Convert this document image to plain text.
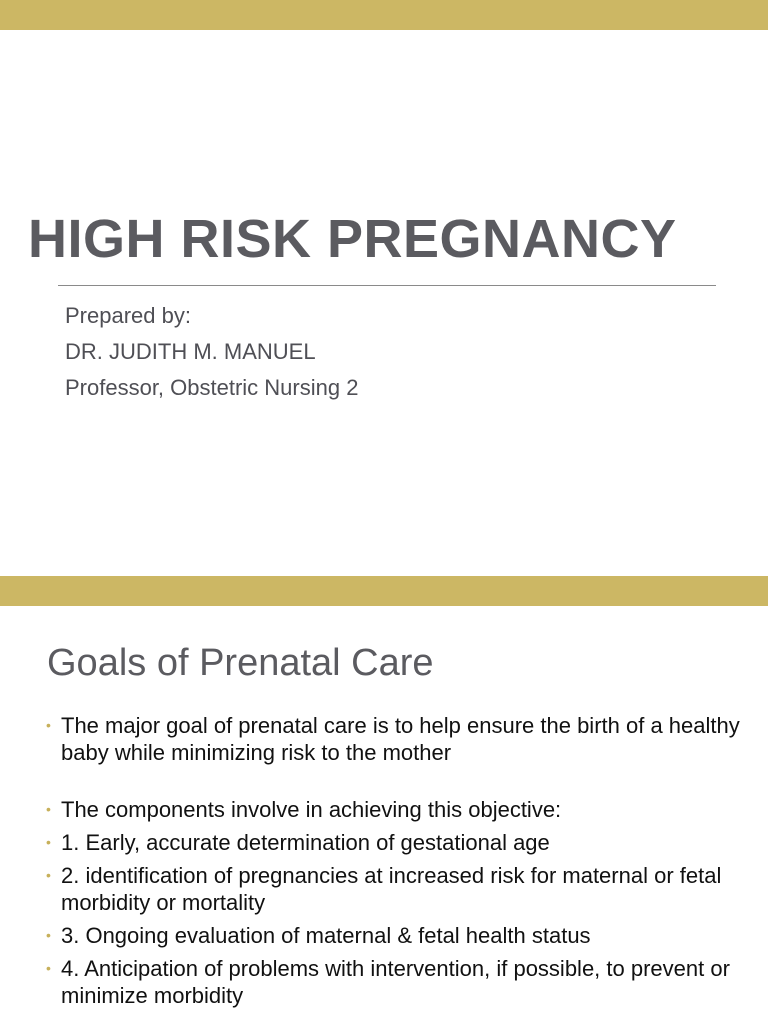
HIGH RISK PREGNANCY
Prepared by:
DR. JUDITH M. MANUEL
Professor, Obstetric Nursing 2
Goals of Prenatal Care
• The major goal of prenatal care is to help ensure the birth of a healthy baby while minimizing risk to the mother
• The components involve in achieving this objective:
• 1. Early, accurate determination of gestational age
• 2. identification of pregnancies at increased risk for maternal or fetal morbidity or mortality
• 3. Ongoing evaluation of maternal & fetal health status
• 4. Anticipation of problems with intervention, if possible, to prevent or minimize morbidity
